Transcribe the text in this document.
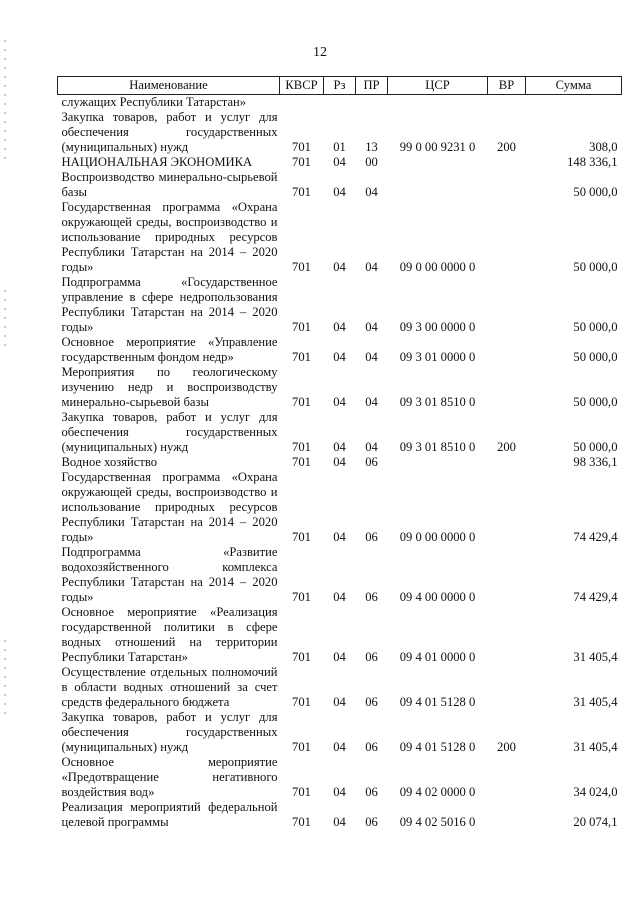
12
Наименование	КВСР	Рз	ПР	ЦСР	ВР	Сумма
служащих Республики Татарстан»						
Закупка товаров, работ и услуг для обеспечения государственных (муниципальных) нужд	701	01	13	99 0 00 9231 0	200	308,0
НАЦИОНАЛЬНАЯ ЭКОНОМИКА	701	04	00			148 336,1
Воспроизводство минерально-сырьевой базы	701	04	04			50 000,0
Государственная программа «Охрана окружающей среды, воспроизводство и использование природных ресурсов Республики Татарстан на 2014 – 2020 годы»	701	04	04	09 0 00 0000 0		50 000,0
Подпрограмма «Государственное управление в сфере недропользования Республики Татарстан на 2014 – 2020 годы»	701	04	04	09 3 00 0000 0		50 000,0
Основное мероприятие «Управление государственным фондом недр»	701	04	04	09 3 01 0000 0		50 000,0
Мероприятия по геологическому изучению недр и воспроизводству минерально-сырьевой базы	701	04	04	09 3 01 8510 0		50 000,0
Закупка товаров, работ и услуг для обеспечения государственных (муниципальных) нужд	701	04	04	09 3 01 8510 0	200	50 000,0
Водное хозяйство	701	04	06			98 336,1
Государственная программа «Охрана окружающей среды, воспроизводство и использование природных ресурсов Республики Татарстан на 2014 – 2020 годы»	701	04	06	09 0 00 0000 0		74 429,4
Подпрограмма «Развитие водохозяйственного комплекса Республики Татарстан на 2014 – 2020 годы»	701	04	06	09 4 00 0000 0		74 429,4
Основное мероприятие «Реализация государственной политики в сфере водных отношений на территории Республики Татарстан»	701	04	06	09 4 01 0000 0		31 405,4
Осуществление отдельных полномочий в области водных отношений за счет средств федерального бюджета	701	04	06	09 4 01 5128 0		31 405,4
Закупка товаров, работ и услуг для обеспечения государственных (муниципальных) нужд	701	04	06	09 4 01 5128 0	200	31 405,4
Основное мероприятие «Предотвращение негативного воздействия вод»	701	04	06	09 4 02 0000 0		34 024,0
Реализация мероприятий федеральной целевой программы	701	04	06	09 4 02 5016 0		20 074,1
